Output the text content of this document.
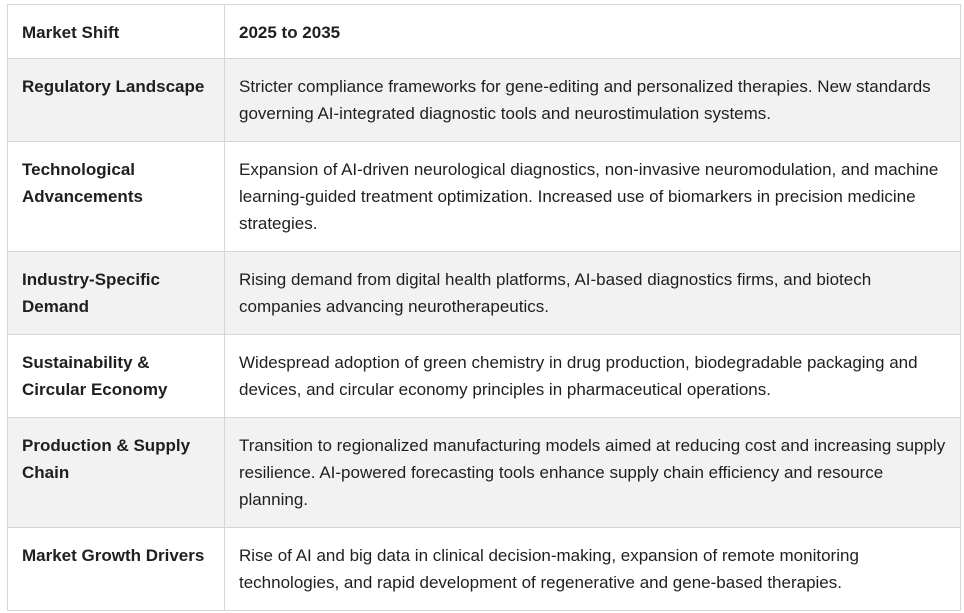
Market Shift	2025 to 2035
Regulatory Landscape	Stricter compliance frameworks for gene-editing and personalized therapies. New standards governing AI-integrated diagnostic tools and neurostimulation systems.
Technological Advancements	Expansion of AI-driven neurological diagnostics, non-invasive neuromodulation, and machine learning-guided treatment optimization. Increased use of biomarkers in precision medicine strategies.
Industry-Specific Demand	Rising demand from digital health platforms, AI-based diagnostics firms, and biotech companies advancing neurotherapeutics.
Sustainability & Circular Economy	Widespread adoption of green chemistry in drug production, biodegradable packaging and devices, and circular economy principles in pharmaceutical operations.
Production & Supply Chain	Transition to regionalized manufacturing models aimed at reducing cost and increasing supply resilience. AI-powered forecasting tools enhance supply chain efficiency and resource planning.
Market Growth Drivers	Rise of AI and big data in clinical decision-making, expansion of remote monitoring technologies, and rapid development of regenerative and gene-based therapies.
